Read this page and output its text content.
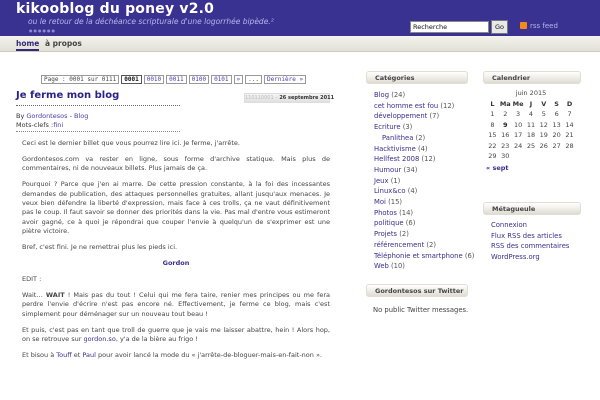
kikooblog du poney v2.0
ou le retour de la déchéance scripturale d'une logorrhée bipède.²
●●●●●●
Recherche	Go	rss feed
home à propos
Page : 0001 sur 0111	0001	0010	0011	0100	0101	»	...	Dernière »
Je ferme mon blog	110110001 – 26 septembre 2011
By Gordontesos - Blog
Mots-clefs :fini

Ceci est le dernier billet que vous pourrez lire ici. Je ferme, j'arrête.

Gordontesos.com va rester en ligne, sous forme d'archive statique. Mais plus de commentaires, ni de nouveaux billets. Plus jamais de ça.

Pourquoi ? Parce que j'en ai marre. De cette pression constante, à la foi des incessantes demandes de publication, des attaques personnelles gratuites, allant jusqu'aux menaces. Je veux bien défendre la liberté d'expression, mais face à ces trolls, ça ne vaut définitivement pas le coup. Il faut savoir se donner des priorités dans la vie. Pas mal d'entre vous estimeront avoir gagné, ce à quoi je répondrai que couper l'envie à quelqu'un de s'exprimer est une piètre victoire.

Bref, c'est fini. Je ne remettrai plus les pieds ici.

Gordon

EDIT :

Wait… WAIT ! Mais pas du tout ! Celui qui me fera taire, renier mes principes ou me fera perdre l'envie d'écrire n'est pas encore né. Effectivement, je ferme ce blog, mais c'est simplement pour déménager sur un nouveau tout beau !

Et puis, c'est pas en tant que troll de guerre que je vais me laisser abattre, hein ! Alors hop, on se retrouve sur gordon.so, y'a de la bière au frigo !

Et bisou à Touff et Paul pour avoir lancé la mode du « j'arrête-de-bloguer-mais-en-fait-non ».

Catégories
Blog (24)
cet homme est fou (12)
développement (7)
Ecriture (3)
Panlithea (2)
Hacktivisme (4)
Hellfest 2008 (12)
Humour (34)
Jeux (1)
Linux&co (4)
Moi (15)
Photos (14)
politique (6)
Projets (2)
référencement (2)
Téléphonie et smartphone (6)
Web (10)
Calendrier
juin 2015
L	Ma	Me	J	V	S	D
1	2	3	4	5	6	7
8	9	10	11	12	13	14
15	16	17	18	19	20	21
22	23	24	25	26	27	28
29	30					
« sept
Métagueule
Connexion
Flux RSS des articles
RSS des commentaires
WordPress.org
Gordontesos sur Twitter
No public Twitter messages.
